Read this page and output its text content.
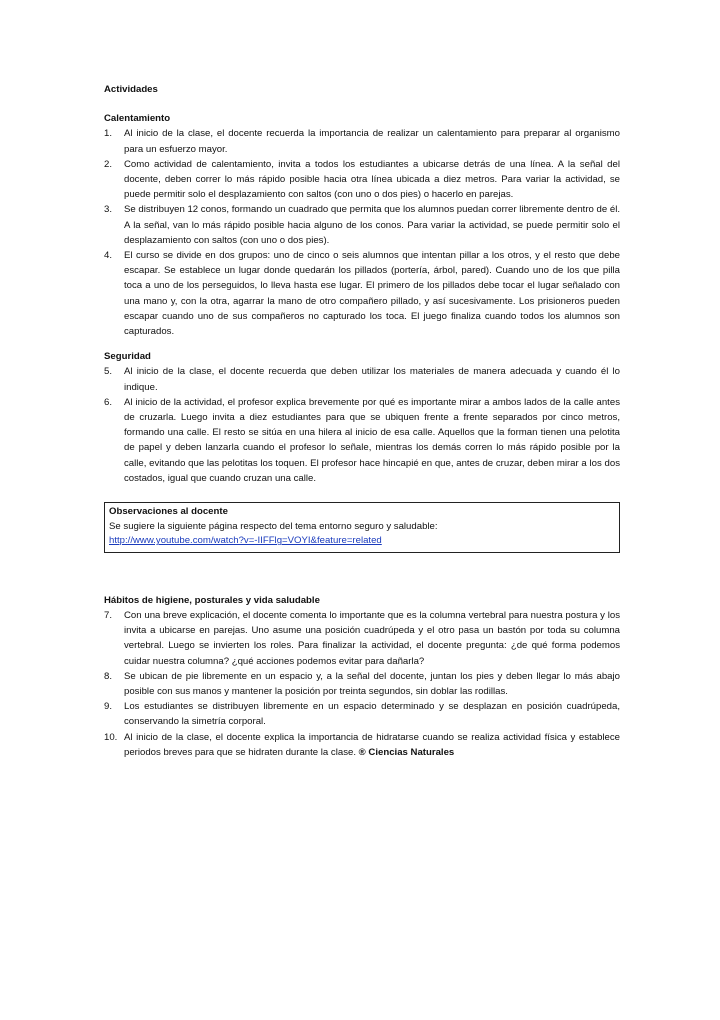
Actividades

Calentamiento

1. Al inicio de la clase, el docente recuerda la importancia de realizar un calentamiento para preparar al organismo para un esfuerzo mayor.
2. Como actividad de calentamiento, invita a todos los estudiantes a ubicarse detrás de una línea. A la señal del docente, deben correr lo más rápido posible hacia otra línea ubicada a diez metros. Para variar la actividad, se puede permitir solo el desplazamiento con saltos (con uno o dos pies) o hacerlo en parejas.
3. Se distribuyen 12 conos, formando un cuadrado que permita que los alumnos puedan correr libremente dentro de él. A la señal, van lo más rápido posible hacia alguno de los conos. Para variar la actividad, se puede permitir solo el desplazamiento con saltos (con uno o dos pies).
4. El curso se divide en dos grupos: uno de cinco o seis alumnos que intentan pillar a los otros, y el resto que debe escapar. Se establece un lugar donde quedarán los pillados (portería, árbol, pared). Cuando uno de los que pilla toca a uno de los perseguidos, lo lleva hasta ese lugar. El primero de los pillados debe tocar el lugar señalado con una mano y, con la otra, agarrar la mano de otro compañero pillado, y así sucesivamente. Los prisioneros pueden escapar cuando uno de sus compañeros no capturado los toca. El juego finaliza cuando todos los alumnos son capturados.

Seguridad

5. Al inicio de la clase, el docente recuerda que deben utilizar los materiales de manera adecuada y cuando él lo indique.
6. Al inicio de la actividad, el profesor explica brevemente por qué es importante mirar a ambos lados de la calle antes de cruzarla. Luego invita a diez estudiantes para que se ubiquen frente a frente separados por cinco metros, formando una calle. El resto se sitúa en una hilera al inicio de esa calle. Aquellos que la forman tienen una pelotita de papel y deben lanzarla cuando el profesor lo señale, mientras los demás corren lo más rápido posible por la calle, evitando que las pelotitas los toquen. El profesor hace hincapié en que, antes de cruzar, deben mirar a los dos costados, igual que cuando cruzan una calle.

Observaciones al docente

Se sugiere la siguiente página respecto del tema entorno seguro y saludable:
http://www.youtube.com/watch?v=-IIFFlg=VOYI&feature=related

Hábitos de higiene, posturales y vida saludable

7. Con una breve explicación, el docente comenta lo importante que es la columna vertebral para nuestra postura y los invita a ubicarse en parejas. Uno asume una posición cuadrúpeda y el otro pasa un bastón por toda su columna vertebral. Luego se invierten los roles. Para finalizar la actividad, el docente pregunta: ¿de qué forma podemos cuidar nuestra columna? ¿qué acciones podemos evitar para dañarla?
8. Se ubican de pie libremente en un espacio y, a la señal del docente, juntan los pies y deben llegar lo más abajo posible con sus manos y mantener la posición por treinta segundos, sin doblar las rodillas.
9. Los estudiantes se distribuyen libremente en un espacio determinado y se desplazan en posición cuadrúpeda, conservando la simetría corporal.
10. Al inicio de la clase, el docente explica la importancia de hidratarse cuando se realiza actividad física y establece periodos breves para que se hidraten durante la clase. ® Ciencias Naturales
